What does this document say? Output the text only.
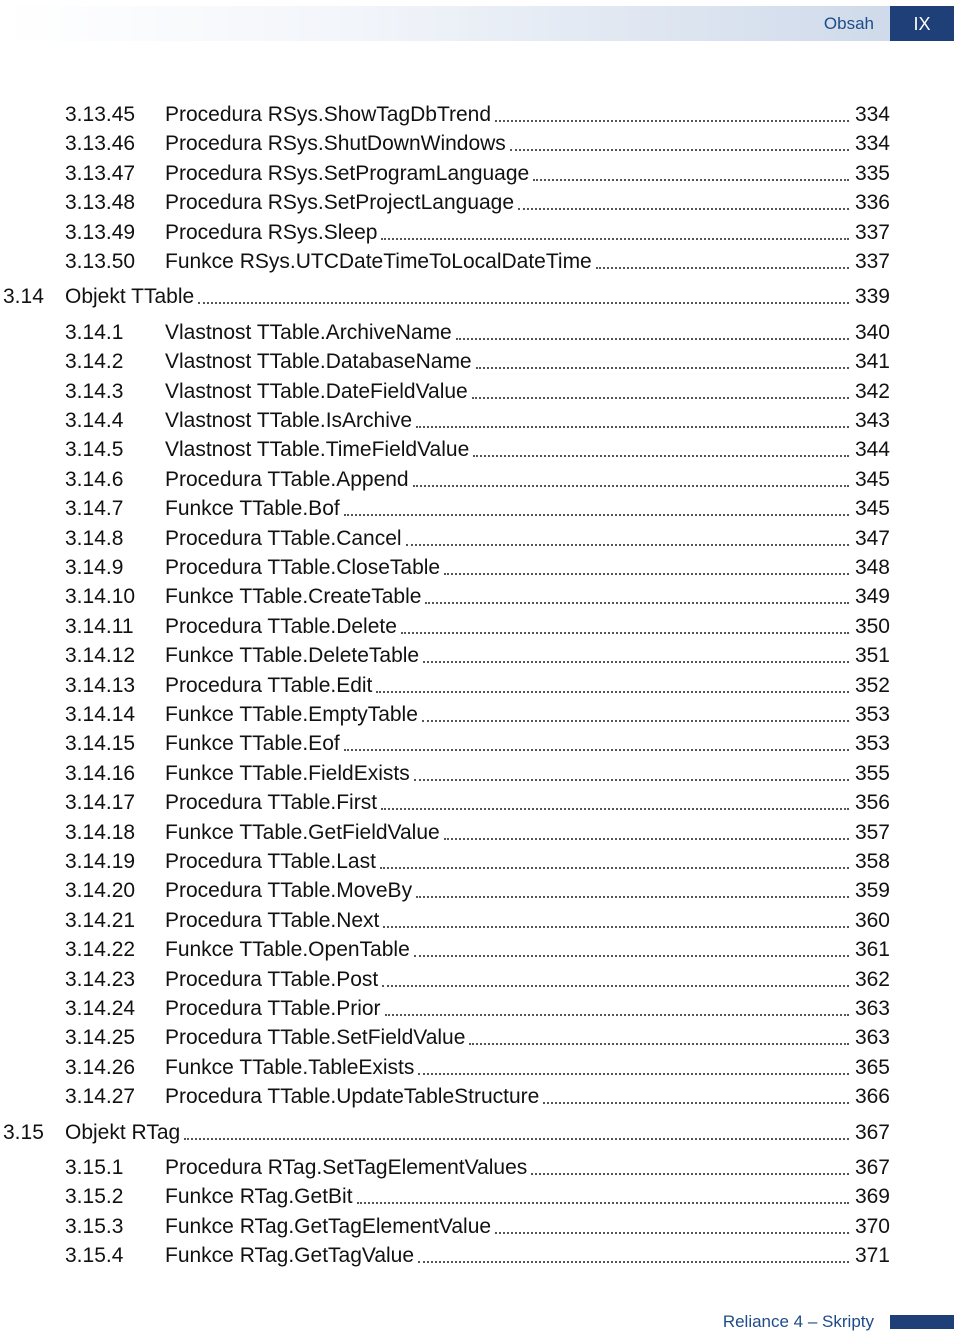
Obsah	IX
3.13.45	Procedura RSys.ShowTagDbTrend	334
3.13.46	Procedura RSys.ShutDownWindows	334
3.13.47	Procedura RSys.SetProgramLanguage	335
3.13.48	Procedura RSys.SetProjectLanguage	336
3.13.49	Procedura RSys.Sleep	337
3.13.50	Funkce RSys.UTCDateTimeToLocalDateTime	337
3.14	Objekt TTable	339
3.14.1	Vlastnost TTable.ArchiveName	340
3.14.2	Vlastnost TTable.DatabaseName	341
3.14.3	Vlastnost TTable.DateFieldValue	342
3.14.4	Vlastnost TTable.IsArchive	343
3.14.5	Vlastnost TTable.TimeFieldValue	344
3.14.6	Procedura TTable.Append	345
3.14.7	Funkce TTable.Bof	345
3.14.8	Procedura TTable.Cancel	347
3.14.9	Procedura TTable.CloseTable	348
3.14.10	Funkce TTable.CreateTable	349
3.14.11	Procedura TTable.Delete	350
3.14.12	Funkce TTable.DeleteTable	351
3.14.13	Procedura TTable.Edit	352
3.14.14	Funkce TTable.EmptyTable	353
3.14.15	Funkce TTable.Eof	353
3.14.16	Funkce TTable.FieldExists	355
3.14.17	Procedura TTable.First	356
3.14.18	Funkce TTable.GetFieldValue	357
3.14.19	Procedura TTable.Last	358
3.14.20	Procedura TTable.MoveBy	359
3.14.21	Procedura TTable.Next	360
3.14.22	Funkce TTable.OpenTable	361
3.14.23	Procedura TTable.Post	362
3.14.24	Procedura TTable.Prior	363
3.14.25	Procedura TTable.SetFieldValue	363
3.14.26	Funkce TTable.TableExists	365
3.14.27	Procedura TTable.UpdateTableStructure	366
3.15	Objekt RTag	367
3.15.1	Procedura RTag.SetTagElementValues	367
3.15.2	Funkce RTag.GetBit	369
3.15.3	Funkce RTag.GetTagElementValue	370
3.15.4	Funkce RTag.GetTagValue	371
Reliance 4 – Skripty
